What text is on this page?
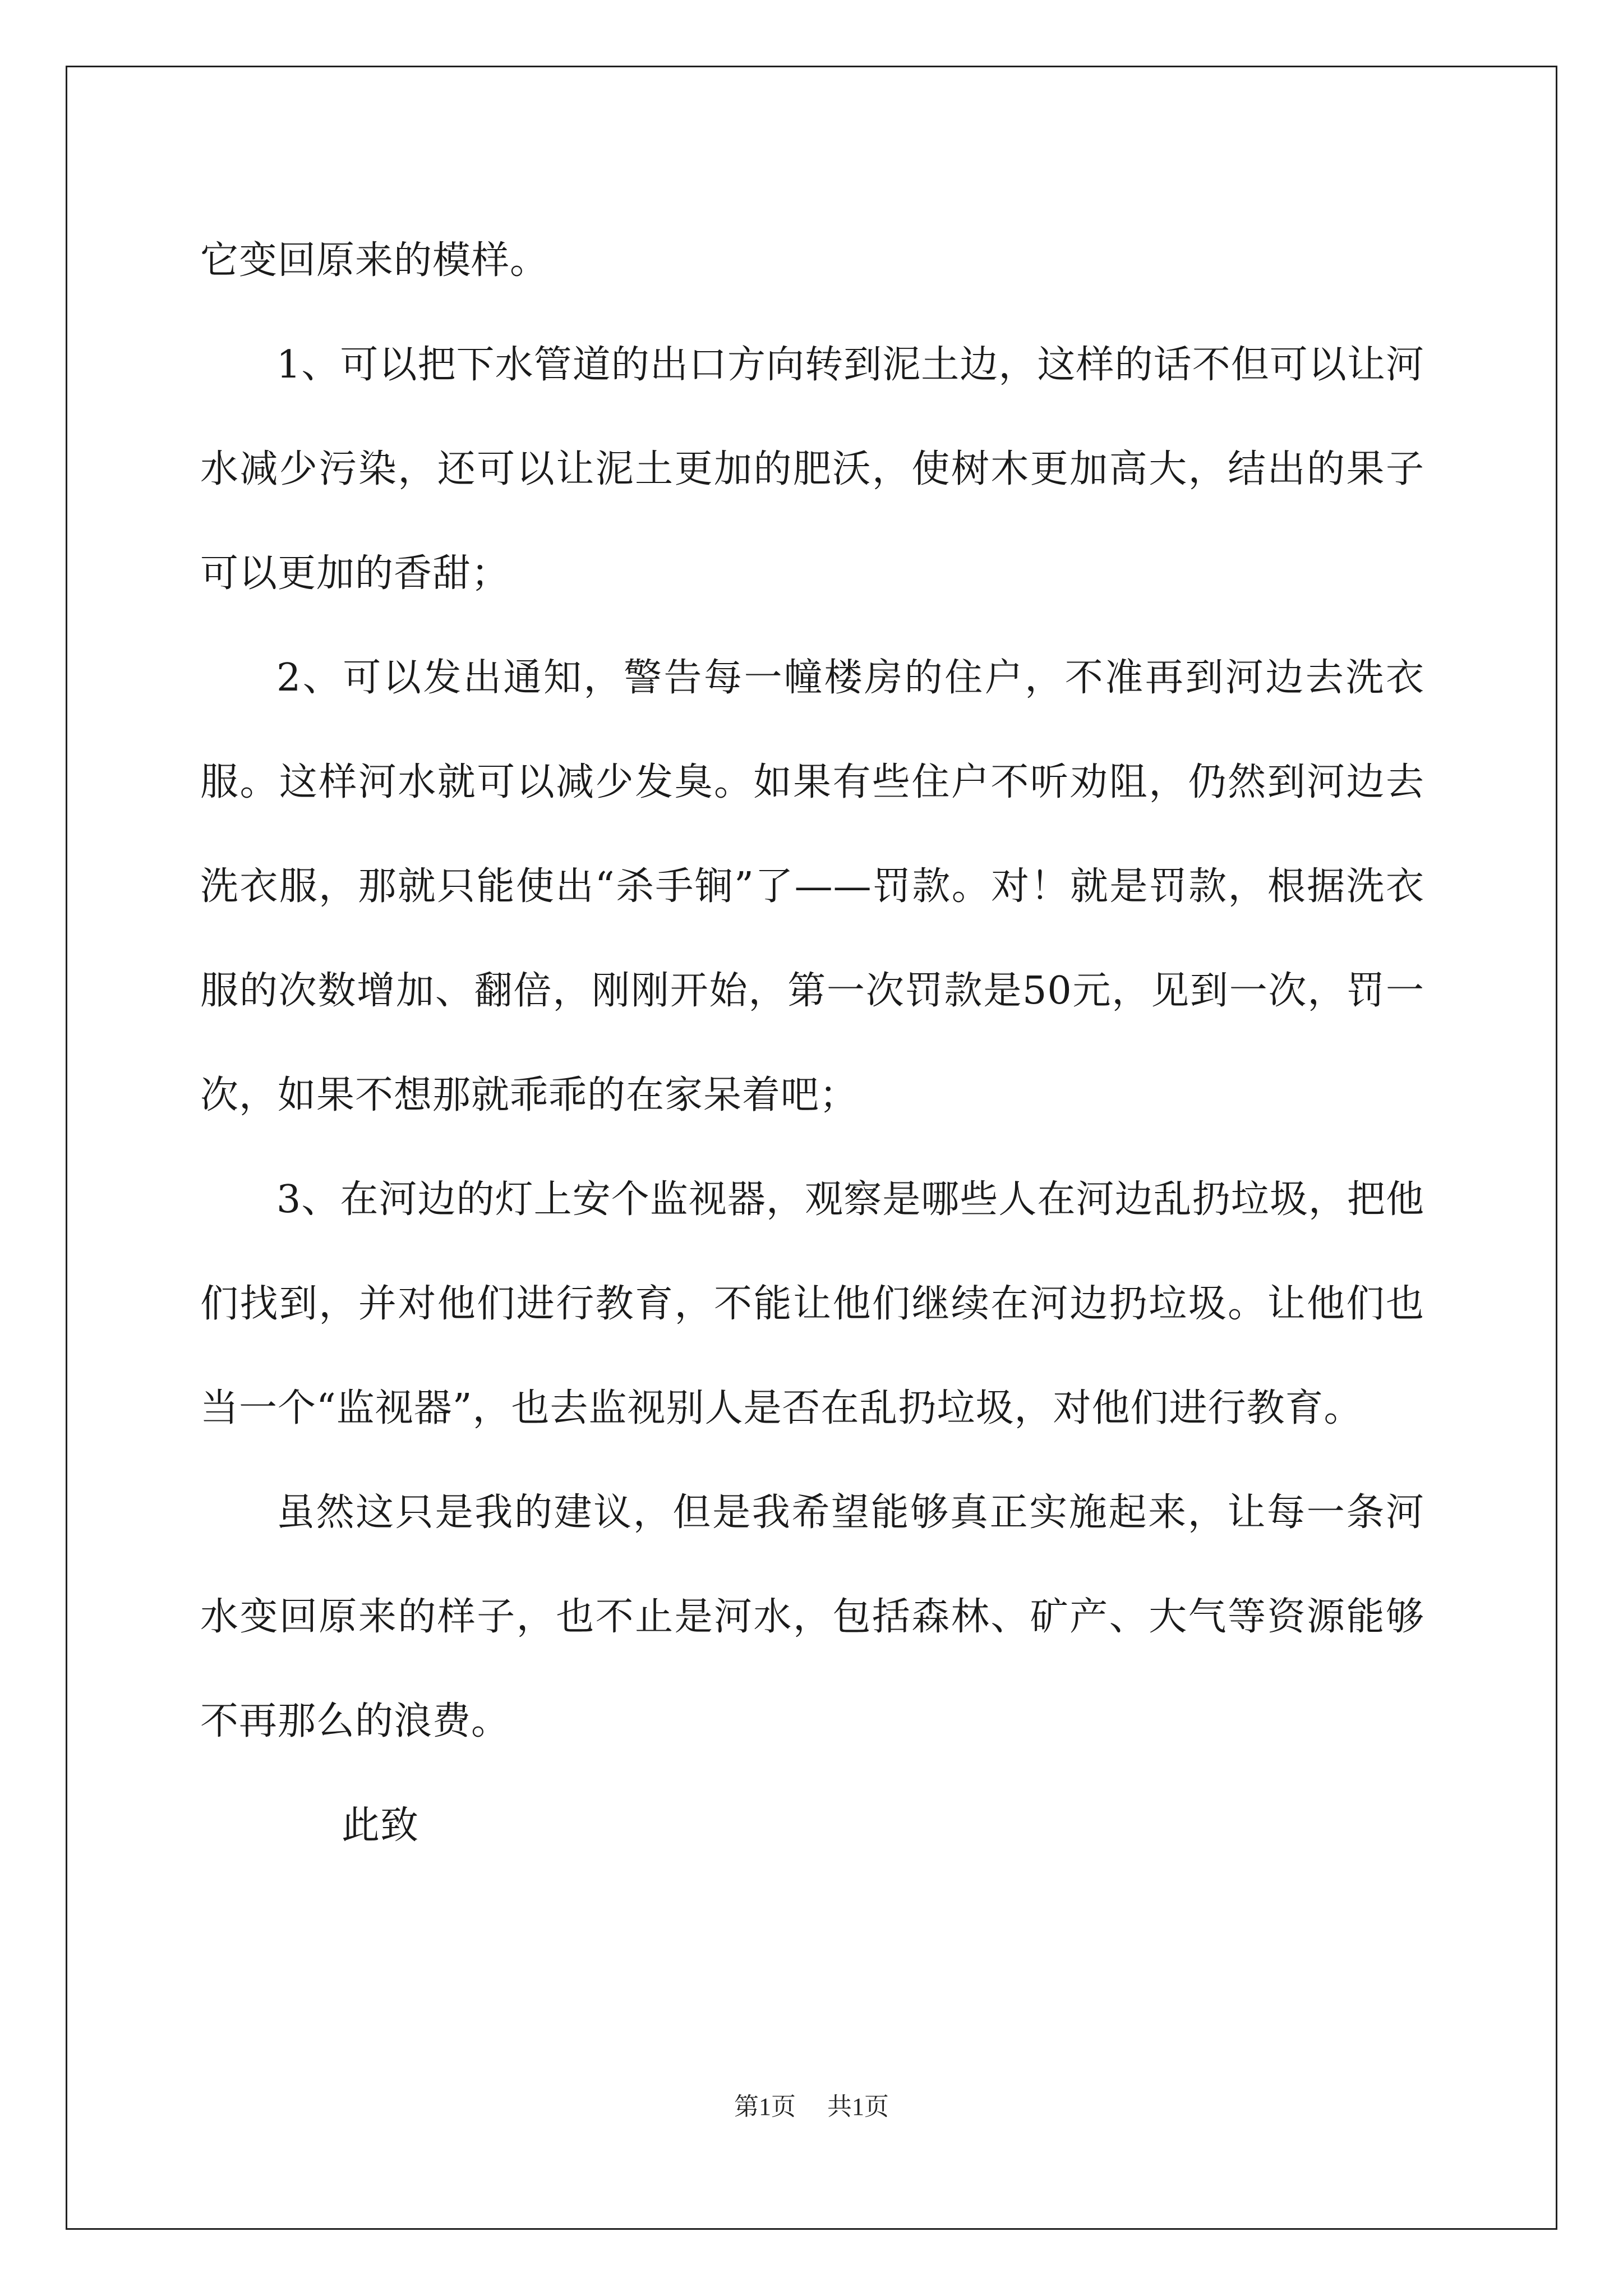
它变回原来的模样。

1、可以把下水管道的出口方向转到泥土边，这样的话不但可以让河水减少污染，还可以让泥土更加的肥沃，使树木更加高大，结出的果子可以更加的香甜；

2、可以发出通知，警告每一幢楼房的住户，不准再到河边去洗衣服。这样河水就可以减少发臭。如果有些住户不听劝阻，仍然到河边去洗衣服，那就只能使出“杀手锏”了——罚款。对！就是罚款，根据洗衣服的次数增加、翻倍，刚刚开始，第一次罚款是50元，见到一次，罚一次，如果不想那就乖乖的在家呆着吧；

3、在河边的灯上安个监视器，观察是哪些人在河边乱扔垃圾，把他们找到，并对他们进行教育，不能让他们继续在河边扔垃圾。让他们也当一个“监视器”，也去监视别人是否在乱扔垃圾，对他们进行教育。

虽然这只是我的建议，但是我希望能够真正实施起来，让每一条河水变回原来的样子，也不止是河水，包括森林、矿产、大气等资源能够不再那么的浪费。

此致

第1页 共1页
